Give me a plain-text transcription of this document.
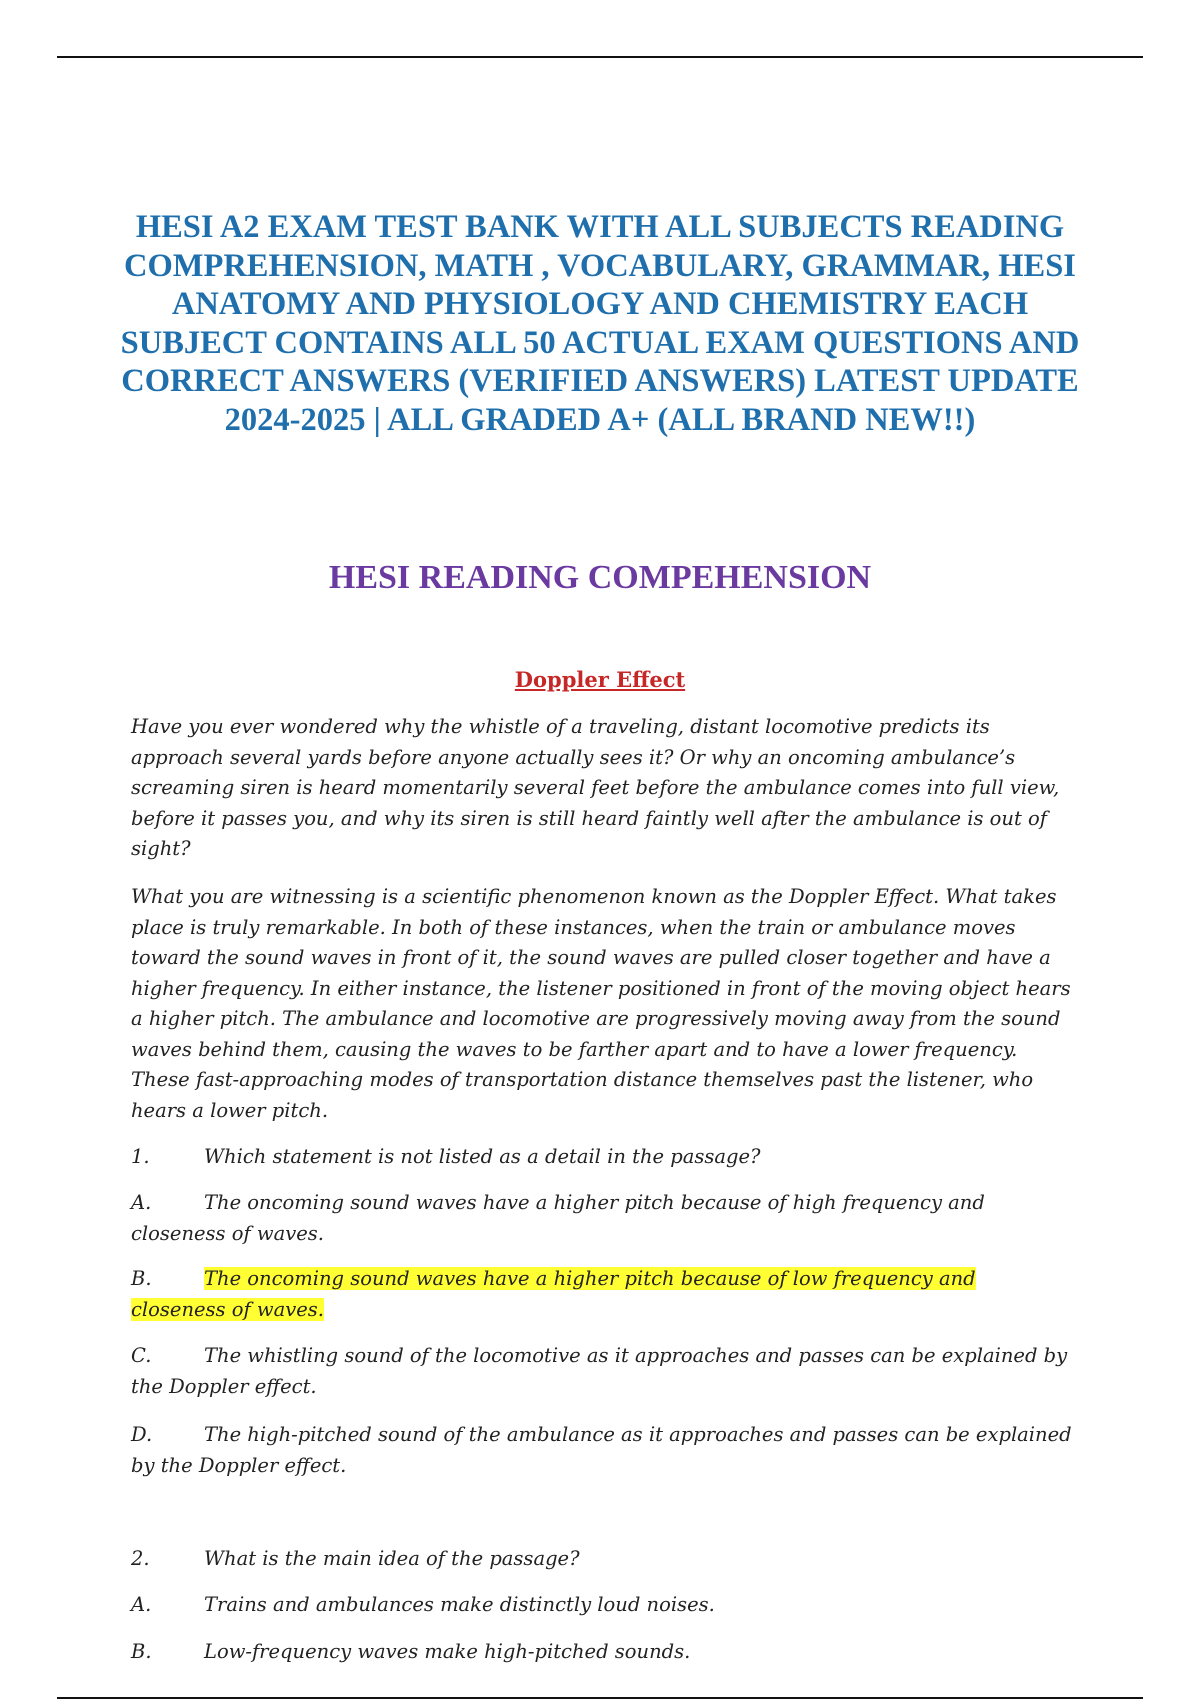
HESI A2 EXAM TEST BANK WITH ALL SUBJECTS READING COMPREHENSION, MATH , VOCABULARY, GRAMMAR, HESI ANATOMY AND PHYSIOLOGY AND CHEMISTRY EACH SUBJECT CONTAINS ALL 50 ACTUAL EXAM QUESTIONS AND CORRECT ANSWERS (VERIFIED ANSWERS) LATEST UPDATE 2024-2025 | ALL GRADED A+ (ALL BRAND NEW!!)
HESI READING COMPEHENSION
Doppler Effect

Have you ever wondered why the whistle of a traveling, distant locomotive predicts its approach several yards before anyone actually sees it? Or why an oncoming ambulance’s screaming siren is heard momentarily several feet before the ambulance comes into full view, before it passes you, and why its siren is still heard faintly well after the ambulance is out of sight?

What you are witnessing is a scientific phenomenon known as the Doppler Effect. What takes place is truly remarkable. In both of these instances, when the train or ambulance moves toward the sound waves in front of it, the sound waves are pulled closer together and have a higher frequency. In either instance, the listener positioned in front of the moving object hears a higher pitch. The ambulance and locomotive are progressively moving away from the sound waves behind them, causing the waves to be farther apart and to have a lower frequency. These fast-approaching modes of transportation distance themselves past the listener, who hears a lower pitch.

1.	Which statement is not listed as a detail in the passage?
A.	The oncoming sound waves have a higher pitch because of high frequency and closeness of waves.
B.	The oncoming sound waves have a higher pitch because of low frequency and closeness of waves.
C.	The whistling sound of the locomotive as it approaches and passes can be explained by the Doppler effect.
D.	The high-pitched sound of the ambulance as it approaches and passes can be explained by the Doppler effect.
2.	What is the main idea of the passage?
A.	Trains and ambulances make distinctly loud noises.
B.	Low-frequency waves make high-pitched sounds.
